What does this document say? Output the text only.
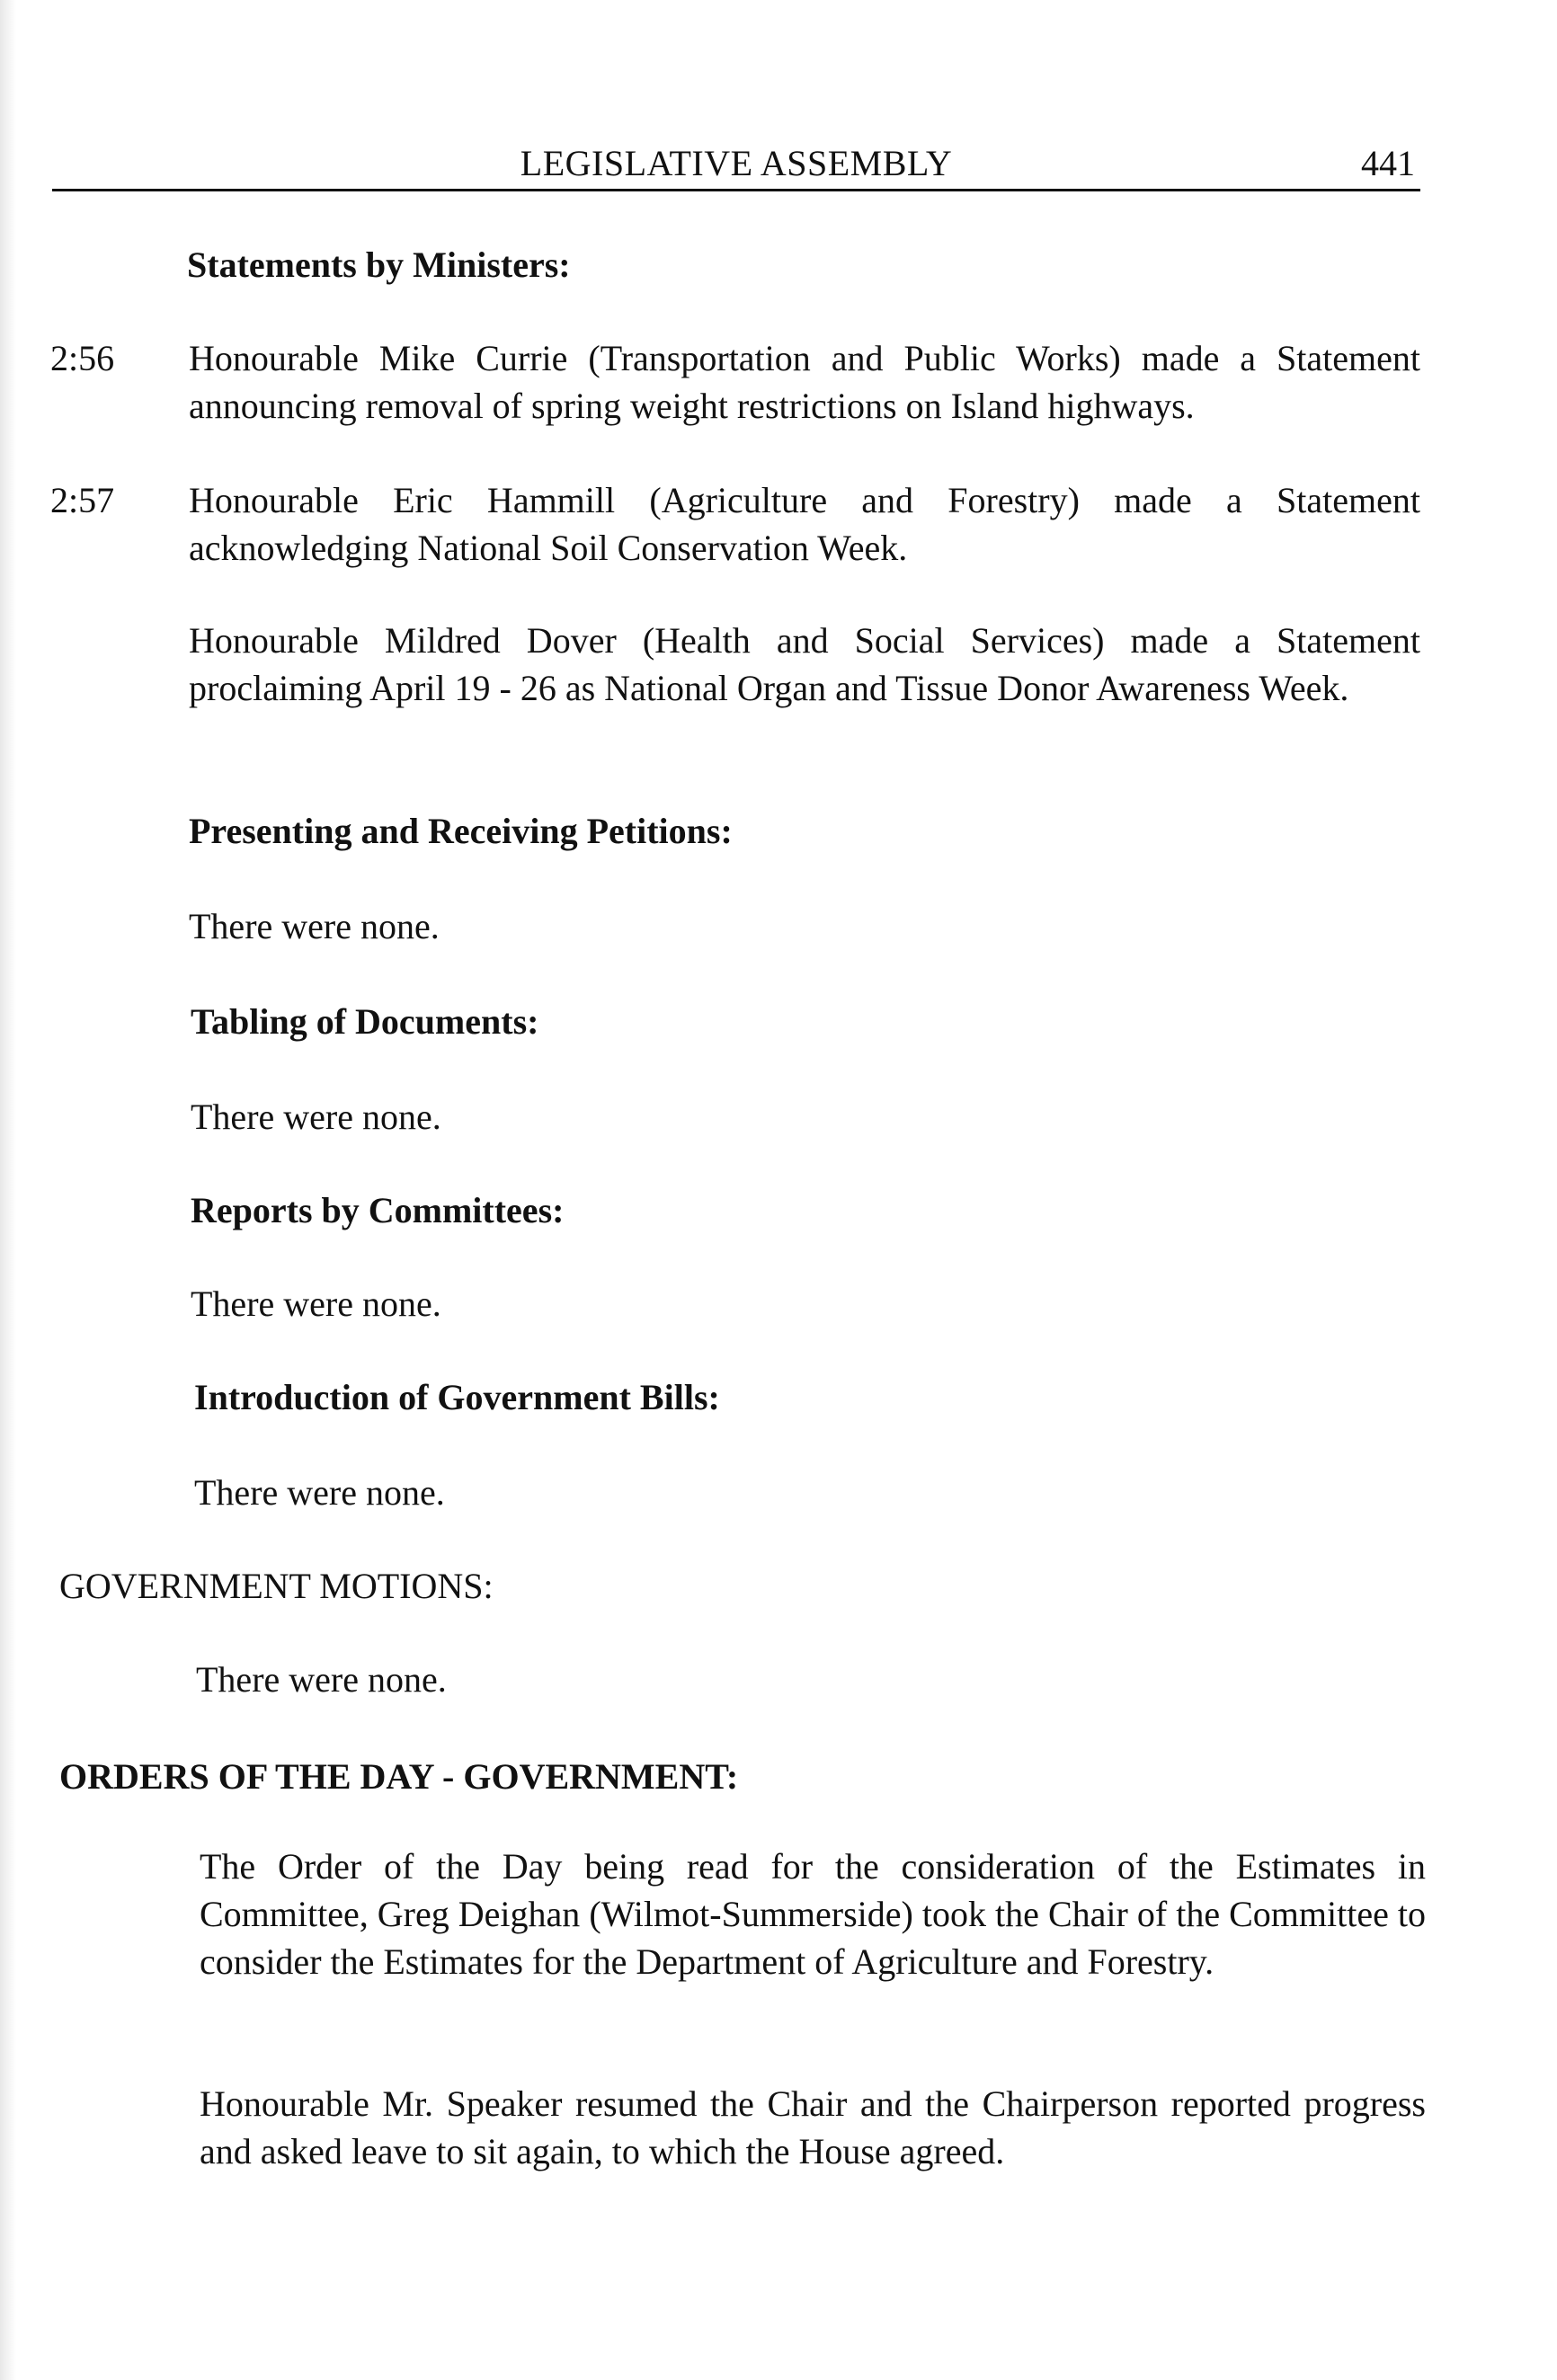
LEGISLATIVE ASSEMBLY	441
Statements by Ministers:
2:56 Honourable Mike Currie (Transportation and Public Works) made a Statement announcing removal of spring weight restrictions on Island highways.
2:57 Honourable Eric Hammill (Agriculture and Forestry) made a Statement acknowledging National Soil Conservation Week.
Honourable Mildred Dover (Health and Social Services) made a Statement proclaiming April 19 - 26 as National Organ and Tissue Donor Awareness Week.
Presenting and Receiving Petitions:
There were none.
Tabling of Documents:
There were none.
Reports by Committees:
There were none.
Introduction of Government Bills:
There were none.
GOVERNMENT MOTIONS:
There were none.
ORDERS OF THE DAY - GOVERNMENT:
The Order of the Day being read for the consideration of the Estimates in Committee, Greg Deighan (Wilmot-Summerside) took the Chair of the Committee to consider the Estimates for the Department of Agriculture and Forestry.
Honourable Mr. Speaker resumed the Chair and the Chairperson reported progress and asked leave to sit again, to which the House agreed.
